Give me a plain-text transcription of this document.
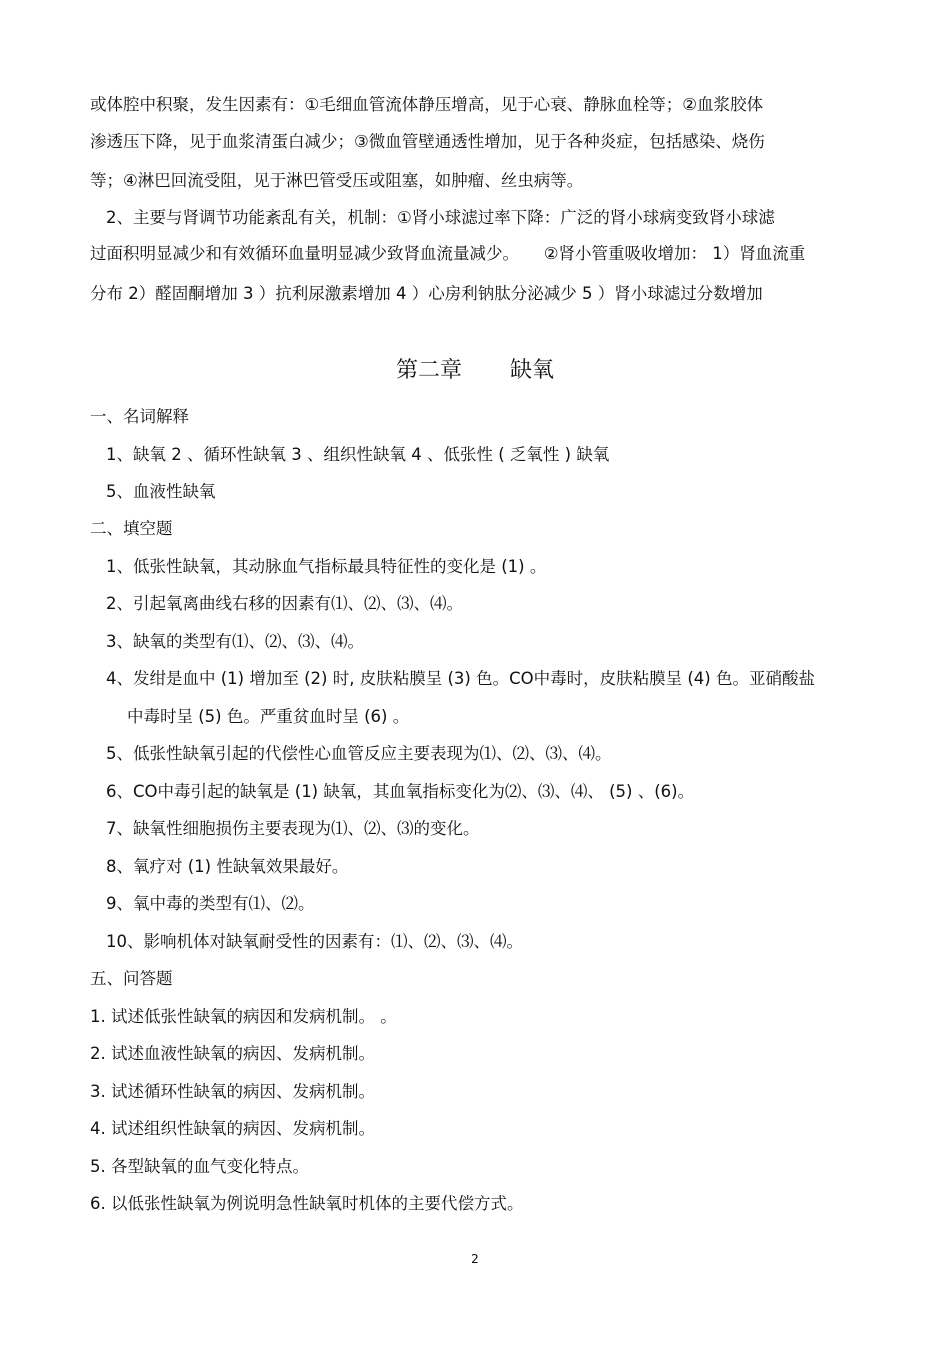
或体腔中积聚，发生因素有：①毛细血管流体静压增高，见于心衰、静脉血栓等；②血浆胶体
渗透压下降，见于血浆清蛋白减少；③微血管壁通透性增加，见于各种炎症，包括感染、烧伤
等；④淋巴回流受阻，见于淋巴管受压或阻塞，如肿瘤、丝虫病等。
2、主要与肾调节功能紊乱有关，机制：①肾小球滤过率下降：广泛的肾小球病变致肾小球滤
过面积明显减少和有效循环血量明显减少致肾血流量减少。　　②肾小管重吸收增加： 1）肾血流重
分布 2）醛固酮增加 3 ）抗利尿激素增加 4 ）心房利钠肽分泌减少 5 ）肾小球滤过分数增加
第二章 缺氧
一、名词解释
1、缺氧 2 、循环性缺氧 3 、组织性缺氧 4 、低张性 ( 乏氧性 ) 缺氧
5、血液性缺氧
二、填空题
1、低张性缺氧，其动脉血气指标最具特征性的变化是 (1) 。
2、引起氧离曲线右移的因素有⑴、⑵、⑶、⑷。
3、缺氧的类型有⑴、⑵、⑶、⑷。
4、发绀是血中 (1) 增加至 (2) 时, 皮肤粘膜呈 (3) 色。CO中毒时，皮肤粘膜呈 (4) 色。亚硝酸盐
中毒时呈 (5) 色。严重贫血时呈 (6) 。
5、低张性缺氧引起的代偿性心血管反应主要表现为⑴、⑵、⑶、⑷。
6、CO中毒引起的缺氧是 (1) 缺氧，其血氧指标变化为⑵、⑶、⑷、 (5) 、(6)。
7、缺氧性细胞损伤主要表现为⑴、⑵、⑶的变化。
8、氧疗对 (1) 性缺氧效果最好。
9、氧中毒的类型有⑴、⑵。
10、影响机体对缺氧耐受性的因素有：⑴、⑵、⑶、⑷。
五、问答题
1. 试述低张性缺氧的病因和发病机制。 。
2. 试述血液性缺氧的病因、发病机制。
3. 试述循环性缺氧的病因、发病机制。
4. 试述组织性缺氧的病因、发病机制。
5. 各型缺氧的血气变化特点。
6. 以低张性缺氧为例说明急性缺氧时机体的主要代偿方式。
2
